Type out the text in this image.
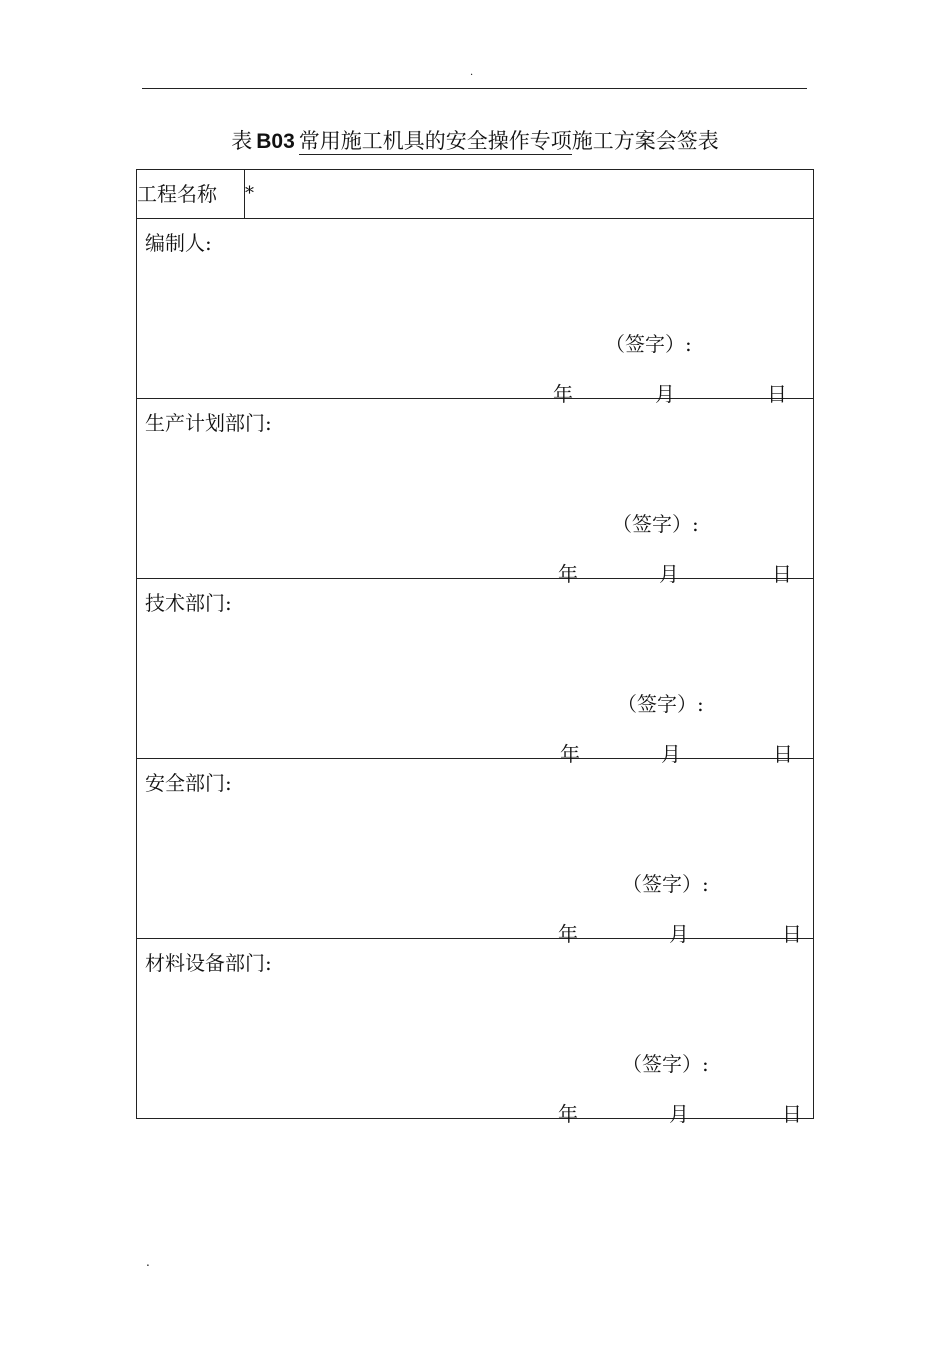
.
表 B03 常用施工机具的安全操作专项施工方案会签表
工程名称	*

编制人:
（签字）:
年	月	日

生产计划部门:
（签字）:
年	月	日

技术部门:
（签字）:
年	月	日

安全部门:
（签字）:
年	月	日

材料设备部门:
（签字）:
年	月	日
.
